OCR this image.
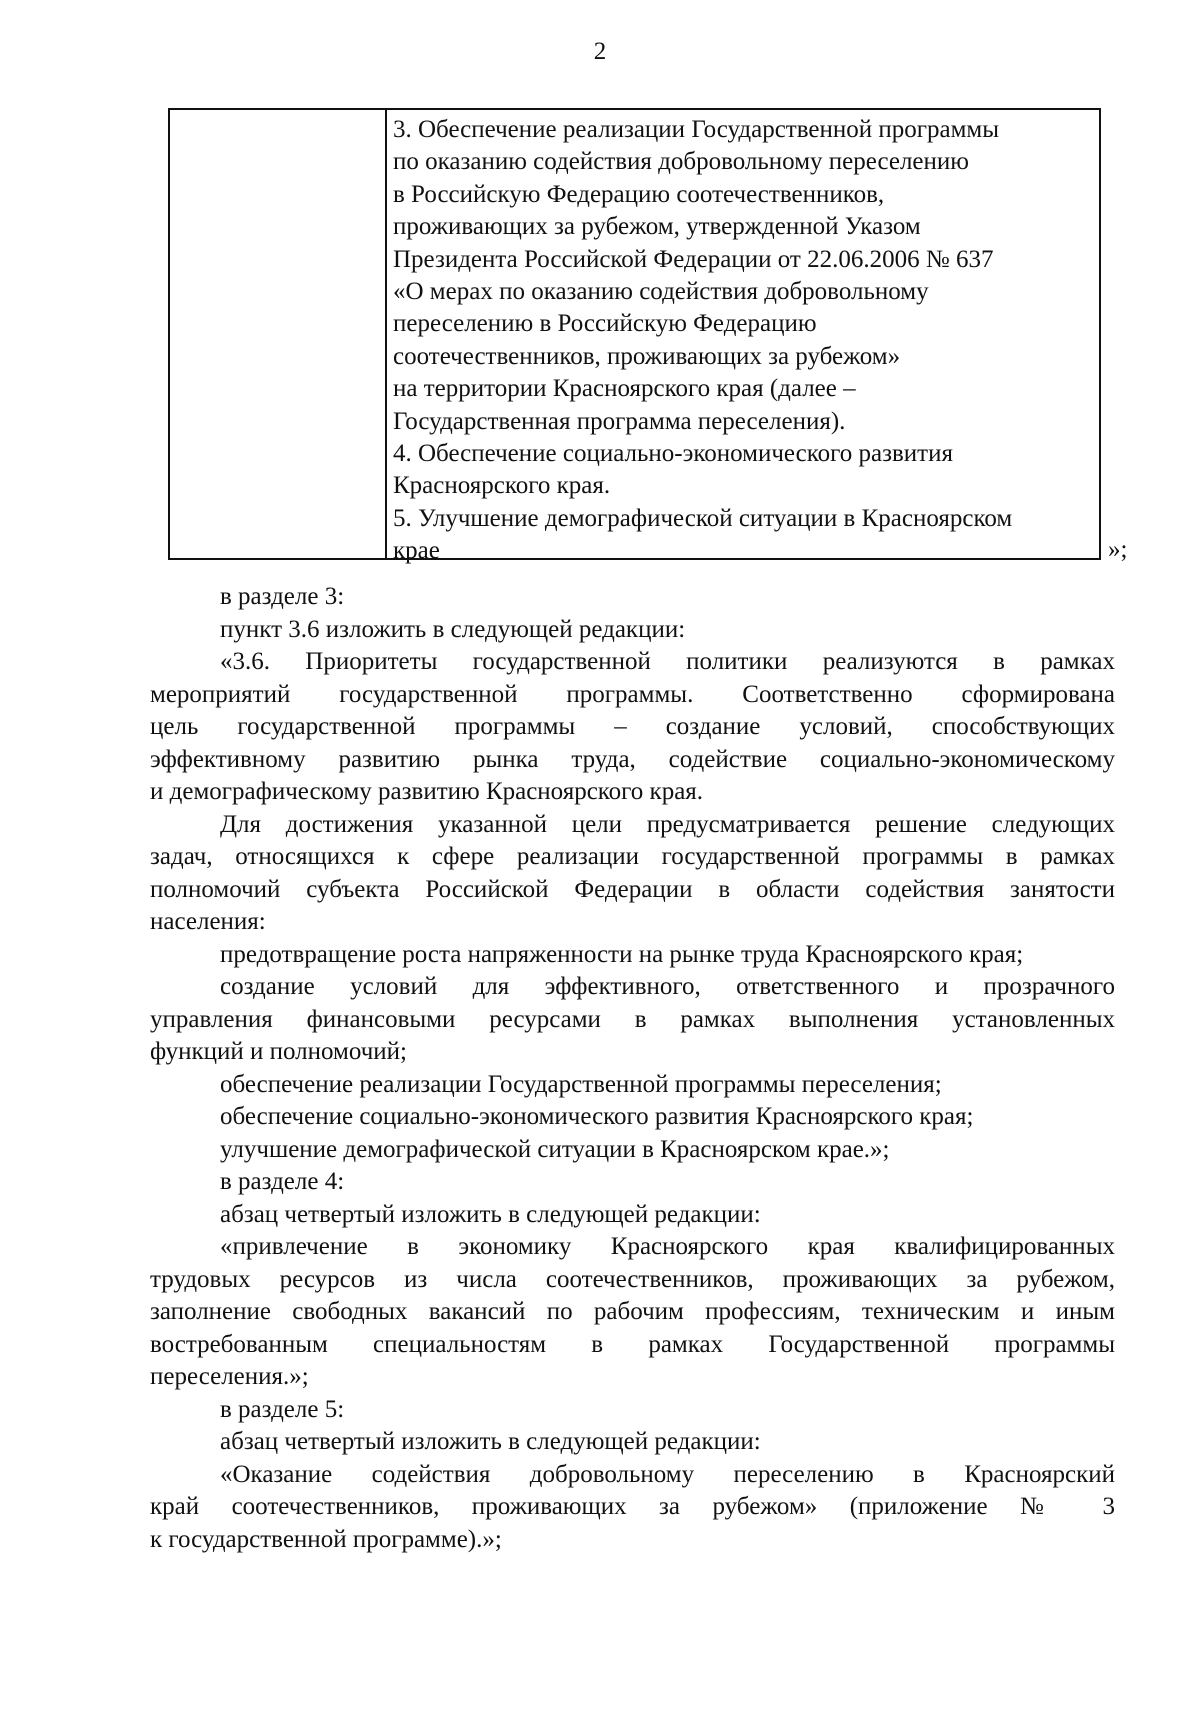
2
3. Обеспечение реализации Государственной программы
по оказанию содействия добровольному переселению
в Российскую Федерацию соотечественников,
проживающих за рубежом, утвержденной Указом
Президента Российской Федерации от 22.06.2006 № 637
«О мерах по оказанию содействия добровольному
переселению в Российскую Федерацию
соотечественников, проживающих за рубежом»
на территории Красноярского края (далее –
Государственная программа переселения).
4. Обеспечение социально-экономического развития
Красноярского края.
5. Улучшение демографической ситуации в Красноярском
крае	»;
в разделе 3:
пункт 3.6 изложить в следующей редакции:
«3.6. Приоритеты государственной политики реализуются в рамках
мероприятий государственной программы. Соответственно сформирована
цель государственной программы – создание условий, способствующих
эффективному развитию рынка труда, содействие социально-экономическому
и демографическому развитию Красноярского края.
Для достижения указанной цели предусматривается решение следующих
задач, относящихся к сфере реализации государственной программы в рамках
полномочий субъекта Российской Федерации в области содействия занятости
населения:
предотвращение роста напряженности на рынке труда Красноярского края;
создание условий для эффективного, ответственного и прозрачного
управления финансовыми ресурсами в рамках выполнения установленных
функций и полномочий;
обеспечение реализации Государственной программы переселения;
обеспечение социально-экономического развития Красноярского края;
улучшение демографической ситуации в Красноярском крае.»;
в разделе 4:
абзац четвертый изложить в следующей редакции:
«привлечение в экономику Красноярского края квалифицированных
трудовых ресурсов из числа соотечественников, проживающих за рубежом,
заполнение свободных вакансий по рабочим профессиям, техническим и иным
востребованным специальностям в рамках Государственной программы
переселения.»;
в разделе 5:
абзац четвертый изложить в следующей редакции:
«Оказание содействия добровольному переселению в Красноярский
край соотечественников, проживающих за рубежом» (приложение № 3
к государственной программе).»;
